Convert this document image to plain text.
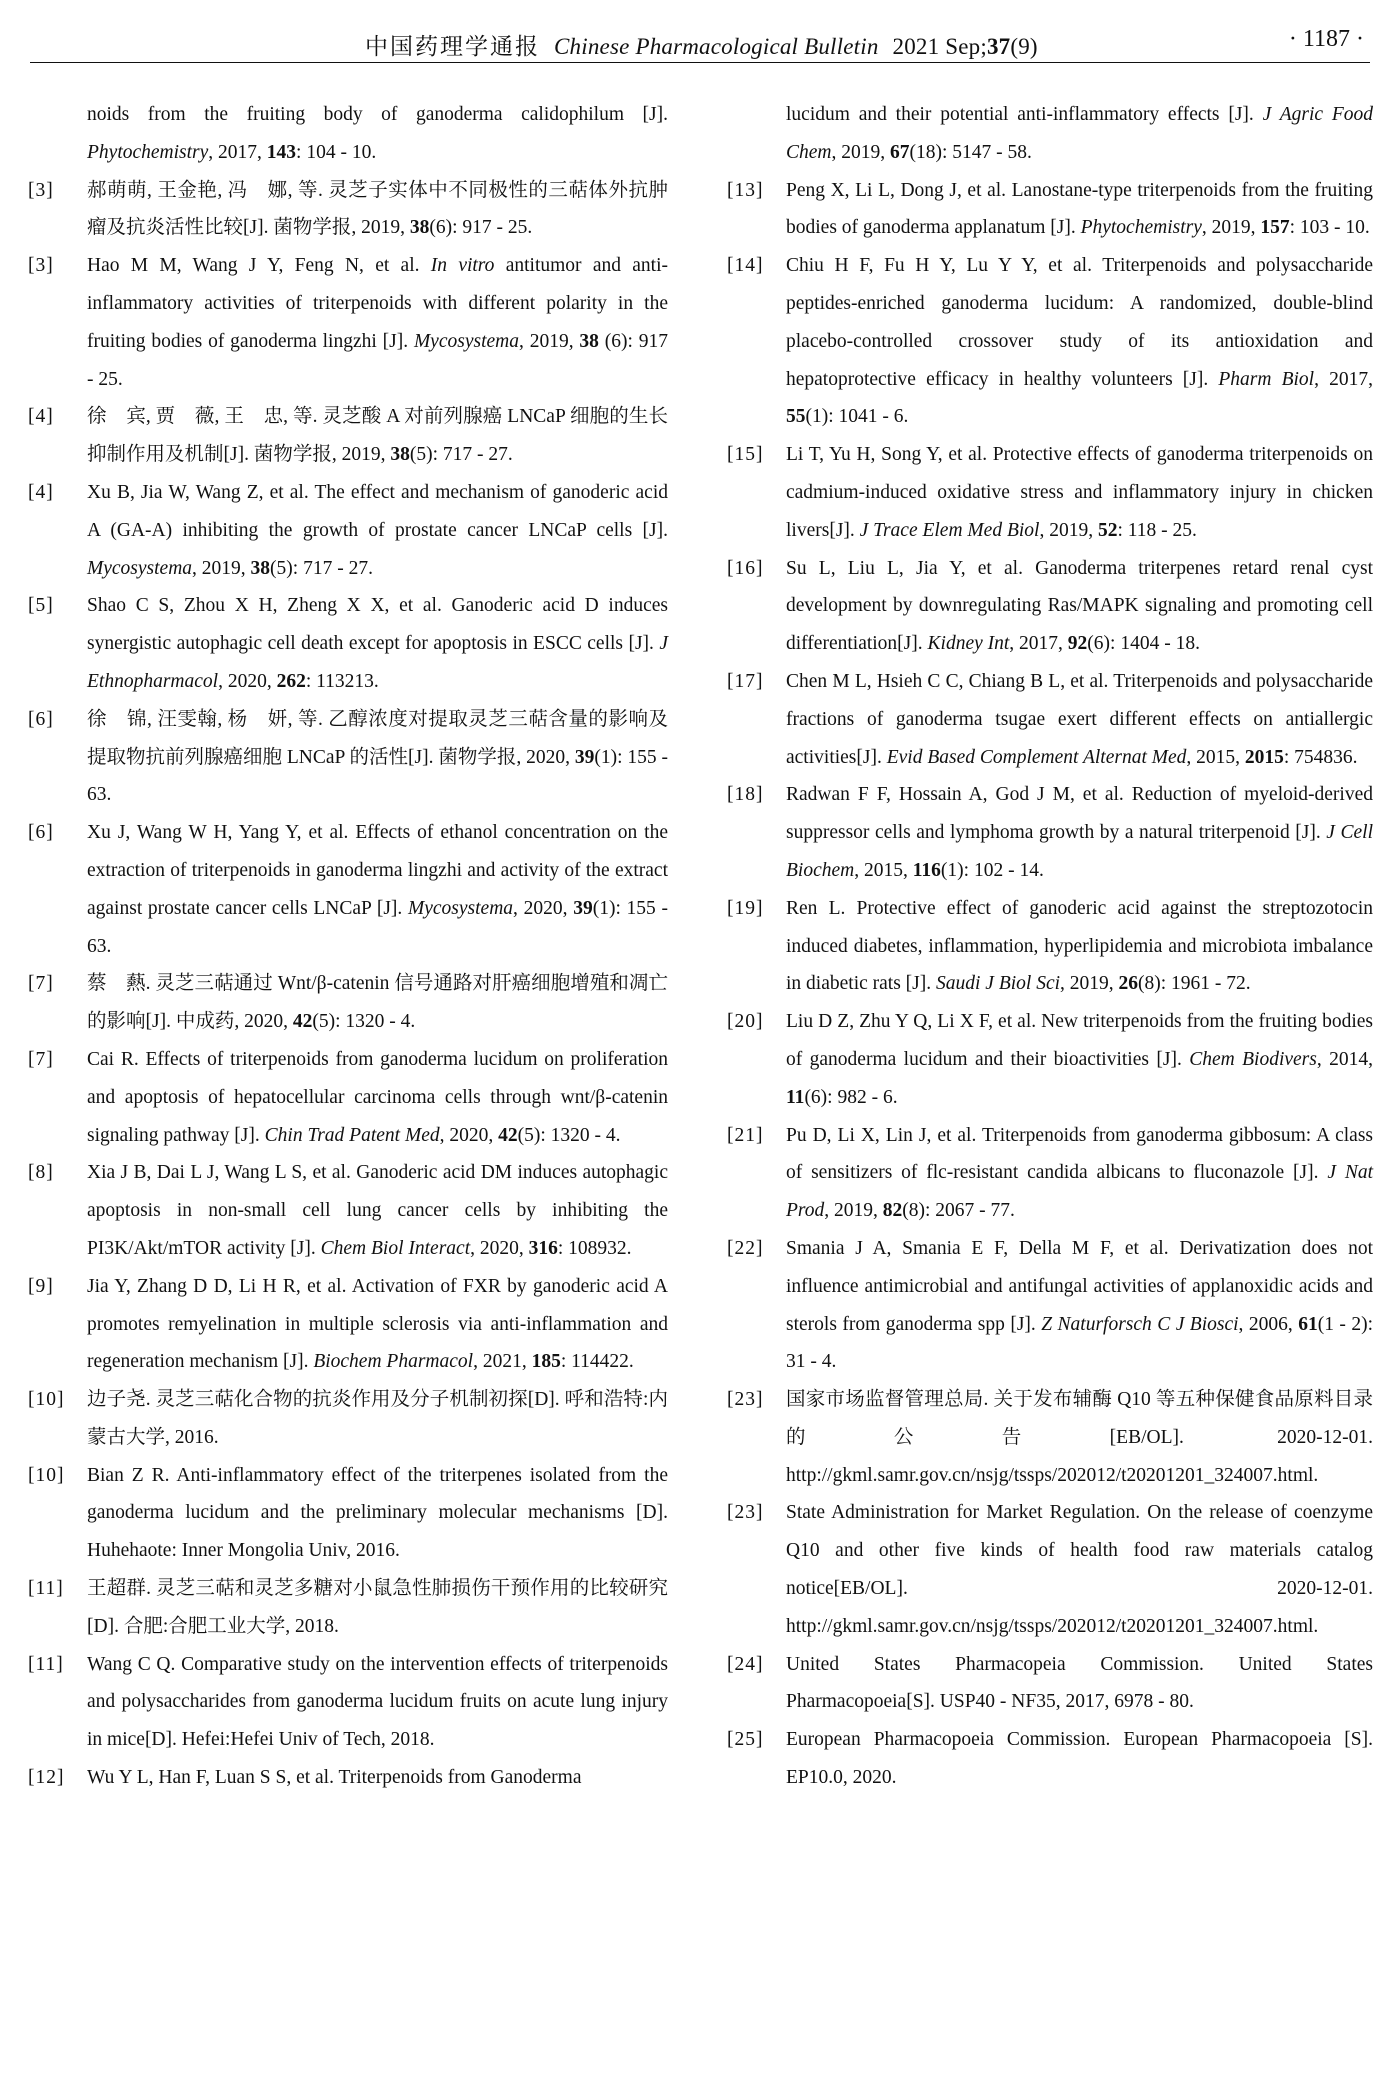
中国药理学通报 Chinese Pharmacological Bulletin 2021 Sep;37(9)	· 1187 ·
noids from the fruiting body of ganoderma calidophilum [J]. Phytochemistry, 2017, 143: 104 - 10.
[3] 郝萌萌, 王金艳, 冯　娜, 等. 灵芝子实体中不同极性的三萜体外抗肿瘤及抗炎活性比较[J]. 菌物学报, 2019, 38(6): 917 - 25.
[3] Hao M M, Wang J Y, Feng N, et al. In vitro antitumor and anti-inflammatory activities of triterpenoids with different polarity in the fruiting bodies of ganoderma lingzhi [J]. Mycosystema, 2019, 38 (6): 917 - 25.
[4] 徐　宾, 贾　薇, 王　忠, 等. 灵芝酸 A 对前列腺癌 LNCaP 细胞的生长抑制作用及机制[J]. 菌物学报, 2019, 38(5): 717 - 27.
[4] Xu B, Jia W, Wang Z, et al. The effect and mechanism of ganoderic acid A (GA-A) inhibiting the growth of prostate cancer LNCaP cells [J]. Mycosystema, 2019, 38(5): 717 - 27.
[5] Shao C S, Zhou X H, Zheng X X, et al. Ganoderic acid D induces synergistic autophagic cell death except for apoptosis in ESCC cells [J]. J Ethnopharmacol, 2020, 262: 113213.
[6] 徐　锦, 汪雯翰, 杨　妍, 等. 乙醇浓度对提取灵芝三萜含量的影响及提取物抗前列腺癌细胞 LNCaP 的活性[J]. 菌物学报, 2020, 39(1): 155 - 63.
[6] Xu J, Wang W H, Yang Y, et al. Effects of ethanol concentration on the extraction of triterpenoids in ganoderma lingzhi and activity of the extract against prostate cancer cells LNCaP [J]. Mycosystema, 2020, 39(1): 155 - 63.
[7] 蔡　爇. 灵芝三萜通过 Wnt/β-catenin 信号通路对肝癌细胞增殖和凋亡的影响[J]. 中成药, 2020, 42(5): 1320 - 4.
[7] Cai R. Effects of triterpenoids from ganoderma lucidum on proliferation and apoptosis of hepatocellular carcinoma cells through wnt/β-catenin signaling pathway [J]. Chin Trad Patent Med, 2020, 42(5): 1320 - 4.
[8] Xia J B, Dai L J, Wang L S, et al. Ganoderic acid DM induces autophagic apoptosis in non-small cell lung cancer cells by inhibiting the PI3K/Akt/mTOR activity [J]. Chem Biol Interact, 2020, 316: 108932.
[9] Jia Y, Zhang D D, Li H R, et al. Activation of FXR by ganoderic acid A promotes remyelination in multiple sclerosis via anti-inflammation and regeneration mechanism [J]. Biochem Pharmacol, 2021, 185: 114422.
[10] 边子尧. 灵芝三萜化合物的抗炎作用及分子机制初探[D]. 呼和浩特:内蒙古大学, 2016.
[10] Bian Z R. Anti-inflammatory effect of the triterpenes isolated from the ganoderma lucidum and the preliminary molecular mechanisms [D]. Huhehaote: Inner Mongolia Univ, 2016.
[11] 王超群. 灵芝三萜和灵芝多糖对小鼠急性肺损伤干预作用的比较研究[D]. 合肥:合肥工业大学, 2018.
[11] Wang C Q. Comparative study on the intervention effects of triterpenoids and polysaccharides from ganoderma lucidum fruits on acute lung injury in mice[D]. Hefei:Hefei Univ of Tech, 2018.
[12] Wu Y L, Han F, Luan S S, et al. Triterpenoids from Ganoderma
lucidum and their potential anti-inflammatory effects [J]. J Agric Food Chem, 2019, 67(18): 5147 - 58.
[13] Peng X, Li L, Dong J, et al. Lanostane-type triterpenoids from the fruiting bodies of ganoderma applanatum [J]. Phytochemistry, 2019, 157: 103 - 10.
[14] Chiu H F, Fu H Y, Lu Y Y, et al. Triterpenoids and polysaccharide peptides-enriched ganoderma lucidum: A randomized, double-blind placebo-controlled crossover study of its antioxidation and hepatoprotective efficacy in healthy volunteers [J]. Pharm Biol, 2017, 55(1): 1041 - 6.
[15] Li T, Yu H, Song Y, et al. Protective effects of ganoderma triterpenoids on cadmium-induced oxidative stress and inflammatory injury in chicken livers[J]. J Trace Elem Med Biol, 2019, 52: 118 - 25.
[16] Su L, Liu L, Jia Y, et al. Ganoderma triterpenes retard renal cyst development by downregulating Ras/MAPK signaling and promoting cell differentiation[J]. Kidney Int, 2017, 92(6): 1404 - 18.
[17] Chen M L, Hsieh C C, Chiang B L, et al. Triterpenoids and polysaccharide fractions of ganoderma tsugae exert different effects on antiallergic activities[J]. Evid Based Complement Alternat Med, 2015, 2015: 754836.
[18] Radwan F F, Hossain A, God J M, et al. Reduction of myeloid-derived suppressor cells and lymphoma growth by a natural triterpenoid [J]. J Cell Biochem, 2015, 116(1): 102 - 14.
[19] Ren L. Protective effect of ganoderic acid against the streptozotocin induced diabetes, inflammation, hyperlipidemia and microbiota imbalance in diabetic rats [J]. Saudi J Biol Sci, 2019, 26(8): 1961 - 72.
[20] Liu D Z, Zhu Y Q, Li X F, et al. New triterpenoids from the fruiting bodies of ganoderma lucidum and their bioactivities [J]. Chem Biodivers, 2014, 11(6): 982 - 6.
[21] Pu D, Li X, Lin J, et al. Triterpenoids from ganoderma gibbosum: A class of sensitizers of flc-resistant candida albicans to fluconazole [J]. J Nat Prod, 2019, 82(8): 2067 - 77.
[22] Smania J A, Smania E F, Della M F, et al. Derivatization does not influence antimicrobial and antifungal activities of applanoxidic acids and sterols from ganoderma spp [J]. Z Naturforsch C J Biosci, 2006, 61(1 - 2): 31 - 4.
[23] 国家市场监督管理总局. 关于发布辅酶 Q10 等五种保健食品原料目录的公告[EB/OL]. 2020-12-01. http://gkml.samr.gov.cn/nsjg/tssps/202012/t20201201_324007.html.
[23] State Administration for Market Regulation. On the release of coenzyme Q10 and other five kinds of health food raw materials catalog notice[EB/OL]. 2020-12-01. http://gkml.samr.gov.cn/nsjg/tssps/202012/t20201201_324007.html.
[24] United States Pharmacopeia Commission. United States Pharmacopoeia[S]. USP40 - NF35, 2017, 6978 - 80.
[25] European Pharmacopoeia Commission. European Pharmacopoeia [S]. EP10.0, 2020.
